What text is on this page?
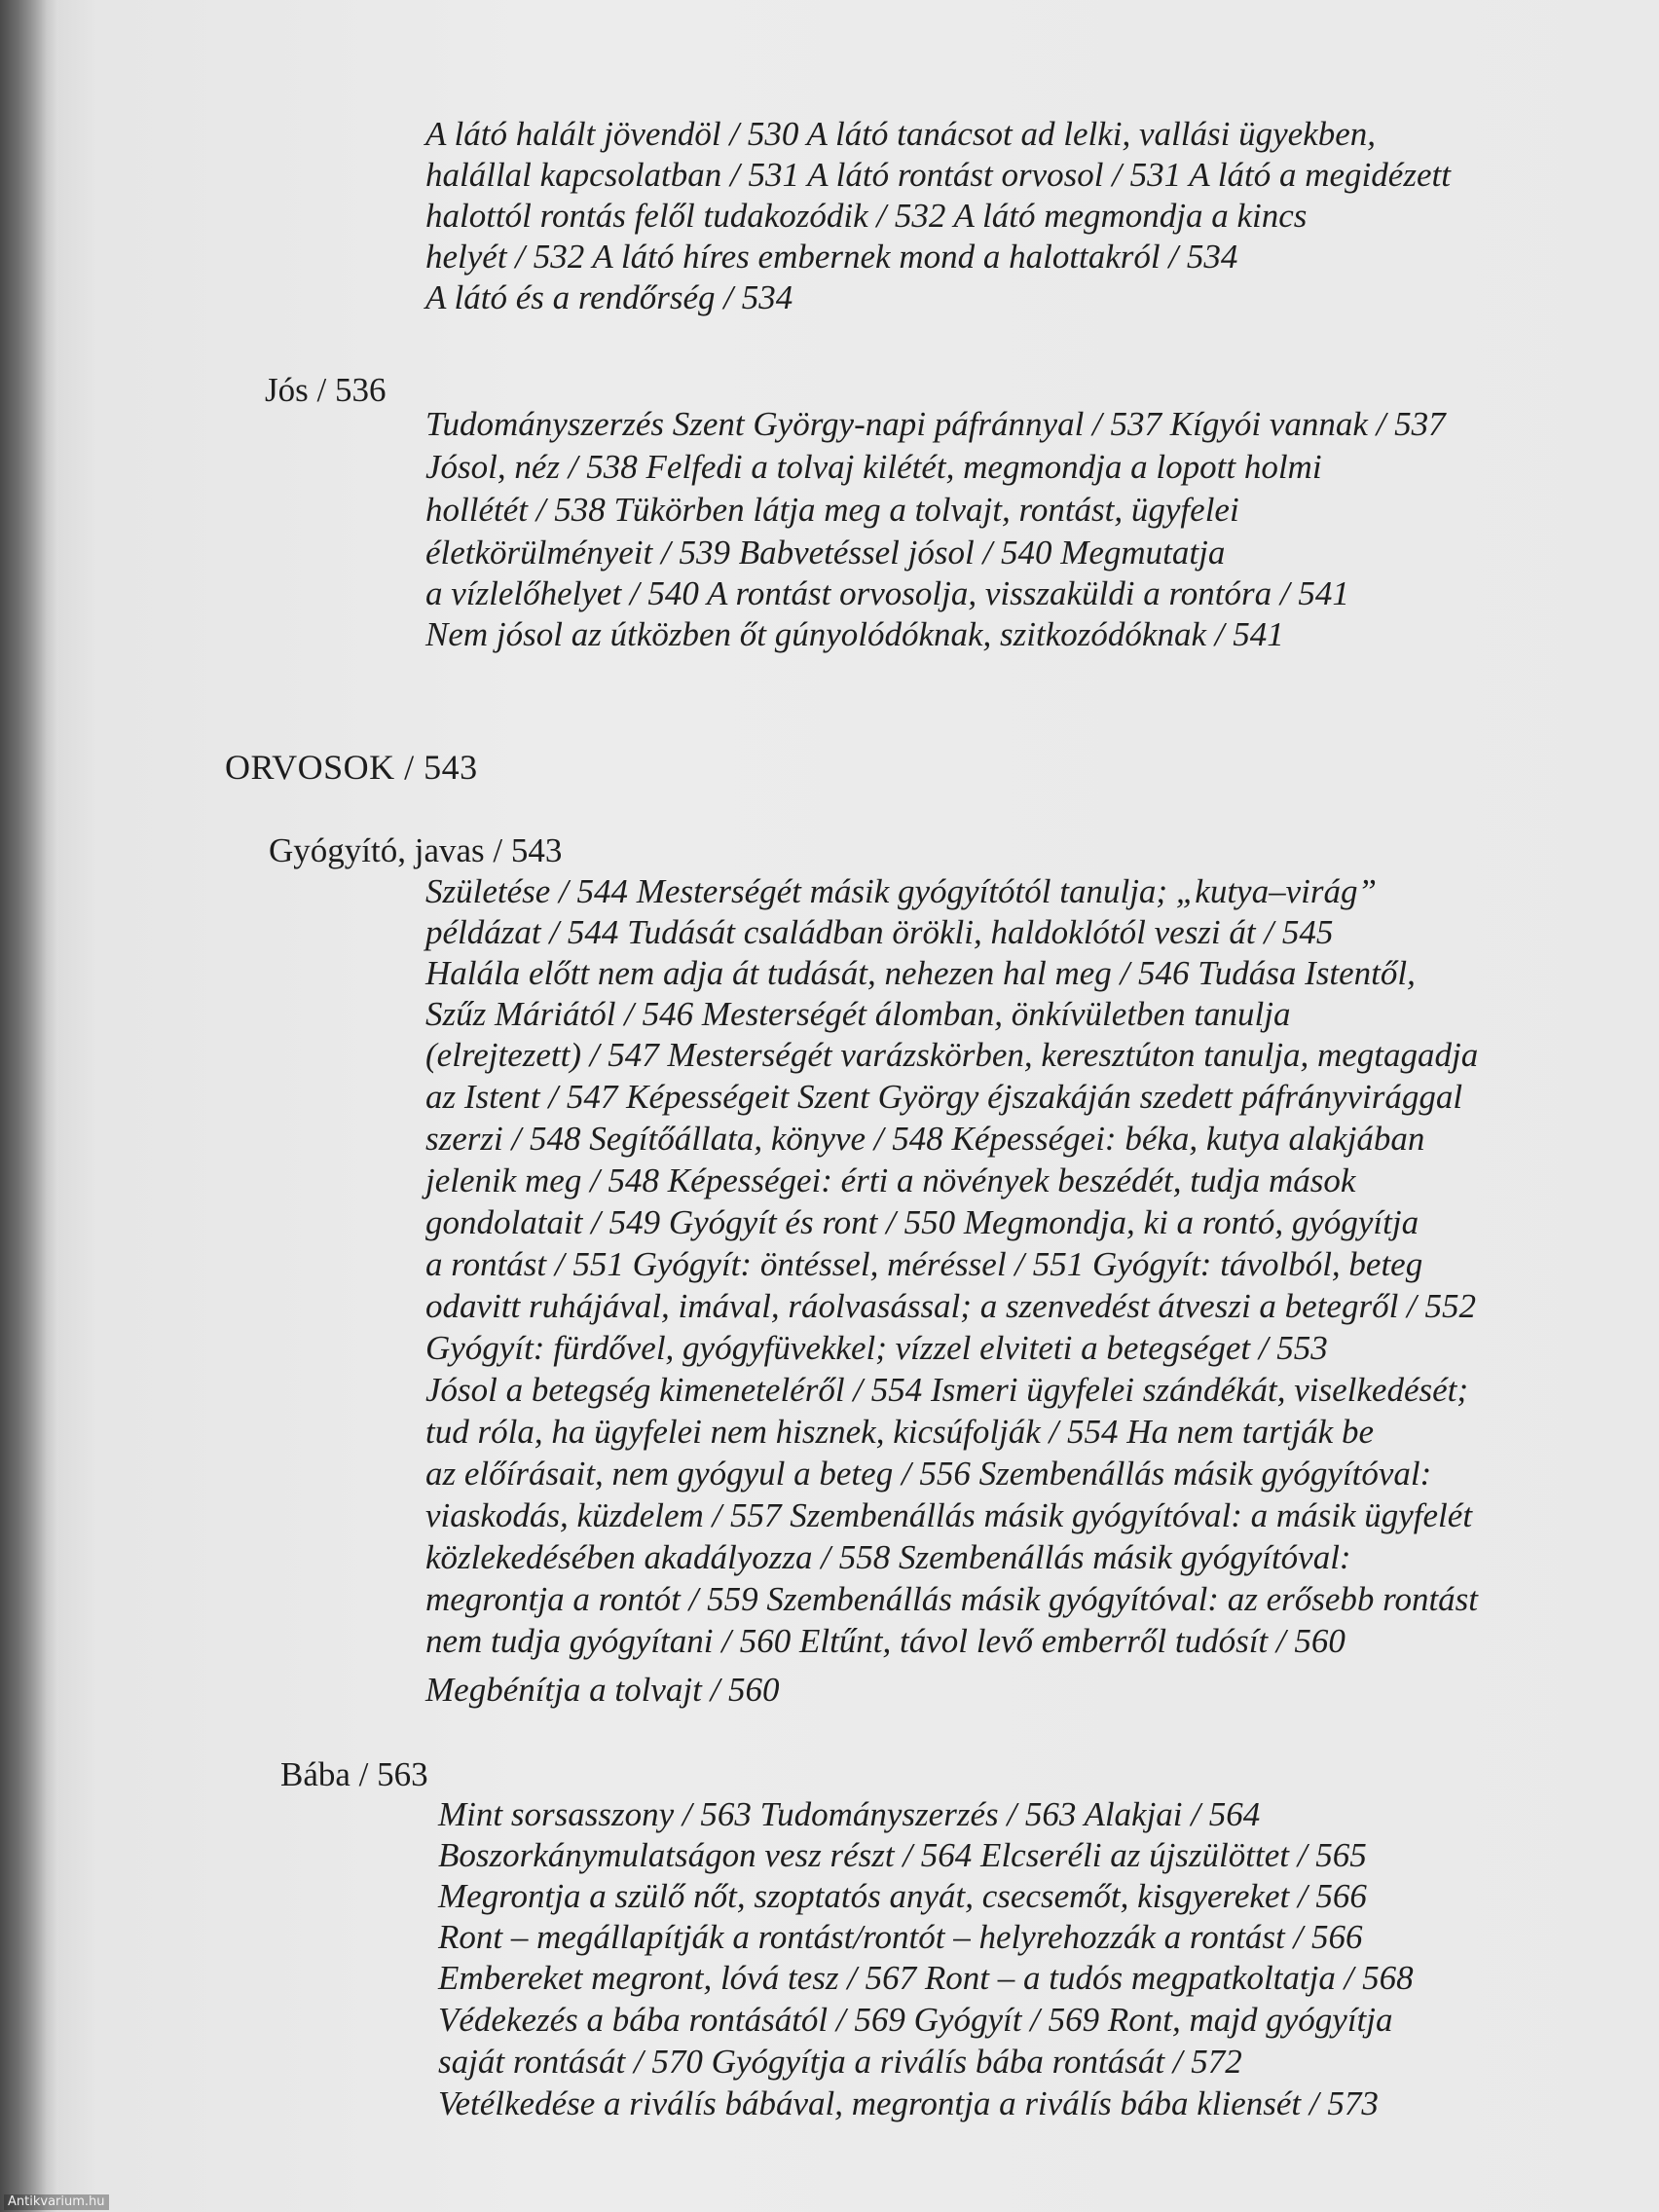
A látó halált jövendöl / 530 A látó tanácsot ad lelki, vallási ügyekben,
halállal kapcsolatban / 531 A látó rontást orvosol / 531 A látó a megidézett
halottól rontás felől tudakozódik / 532 A látó megmondja a kincs
helyét / 532 A látó híres embernek mond a halottakról / 534
A látó és a rendőrség / 534
Jós / 536
Tudományszerzés Szent György-napi páfránnyal / 537 Kígyói vannak / 537
Jósol, néz / 538 Felfedi a tolvaj kilétét, megmondja a lopott holmi
hollétét / 538 Tükörben látja meg a tolvajt, rontást, ügyfelei
életkörülményeit / 539 Babvetéssel jósol / 540 Megmutatja
a vízlelőhelyet / 540 A rontást orvosolja, visszaküldi a rontóra / 541
Nem jósol az útközben őt gúnyolódóknak, szitkozódóknak / 541
ORVOSOK / 543
Gyógyító, javas / 543
Születése / 544 Mesterségét másik gyógyítótól tanulja; „kutya–virág”
példázat / 544 Tudását családban örökli, haldoklótól veszi át / 545
Halála előtt nem adja át tudását, nehezen hal meg / 546 Tudása Istentől,
Szűz Máriától / 546 Mesterségét álomban, önkívületben tanulja
(elrejtezett) / 547 Mesterségét varázskörben, keresztúton tanulja, megtagadja
az Istent / 547 Képességeit Szent György éjszakáján szedett páfrányvirággal
szerzi / 548 Segítőállata, könyve / 548 Képességei: béka, kutya alakjában
jelenik meg / 548 Képességei: érti a növények beszédét, tudja mások
gondolatait / 549 Gyógyít és ront / 550 Megmondja, ki a rontó, gyógyítja
a rontást / 551 Gyógyít: öntéssel, méréssel / 551 Gyógyít: távolból, beteg
odavitt ruhájával, imával, ráolvasással; a szenvedést átveszi a betegről / 552
Gyógyít: fürdővel, gyógyfüvekkel; vízzel elviteti a betegséget / 553
Jósol a betegség kimeneteléről / 554 Ismeri ügyfelei szándékát, viselkedését;
tud róla, ha ügyfelei nem hisznek, kicsúfolják / 554 Ha nem tartják be
az előírásait, nem gyógyul a beteg / 556 Szembenállás másik gyógyítóval:
viaskodás, küzdelem / 557 Szembenállás másik gyógyítóval: a másik ügyfelét
közlekedésében akadályozza / 558 Szembenállás másik gyógyítóval:
megrontja a rontót / 559 Szembenállás másik gyógyítóval: az erősebb rontást
nem tudja gyógyítani / 560 Eltűnt, távol levő emberről tudósít / 560
Megbénítja a tolvajt / 560
Bába / 563
Mint sorsasszony / 563 Tudományszerzés / 563 Alakjai / 564
Boszorkánymulatságon vesz részt / 564 Elcseréli az újszülöttet / 565
Megrontja a szülő nőt, szoptatós anyát, csecsemőt, kisgyereket / 566
Ront – megállapítják a rontást/rontót – helyrehozzák a rontást / 566
Embereket megront, lóvá tesz / 567 Ront – a tudós megpatkoltatja / 568
Védekezés a bába rontásától / 569 Gyógyít / 569 Ront, majd gyógyítja
saját rontását / 570 Gyógyítja a riválís bába rontását / 572
Vetélkedése a riválís bábával, megrontja a riválís bába kliensét / 573
Antikvarium.hu
